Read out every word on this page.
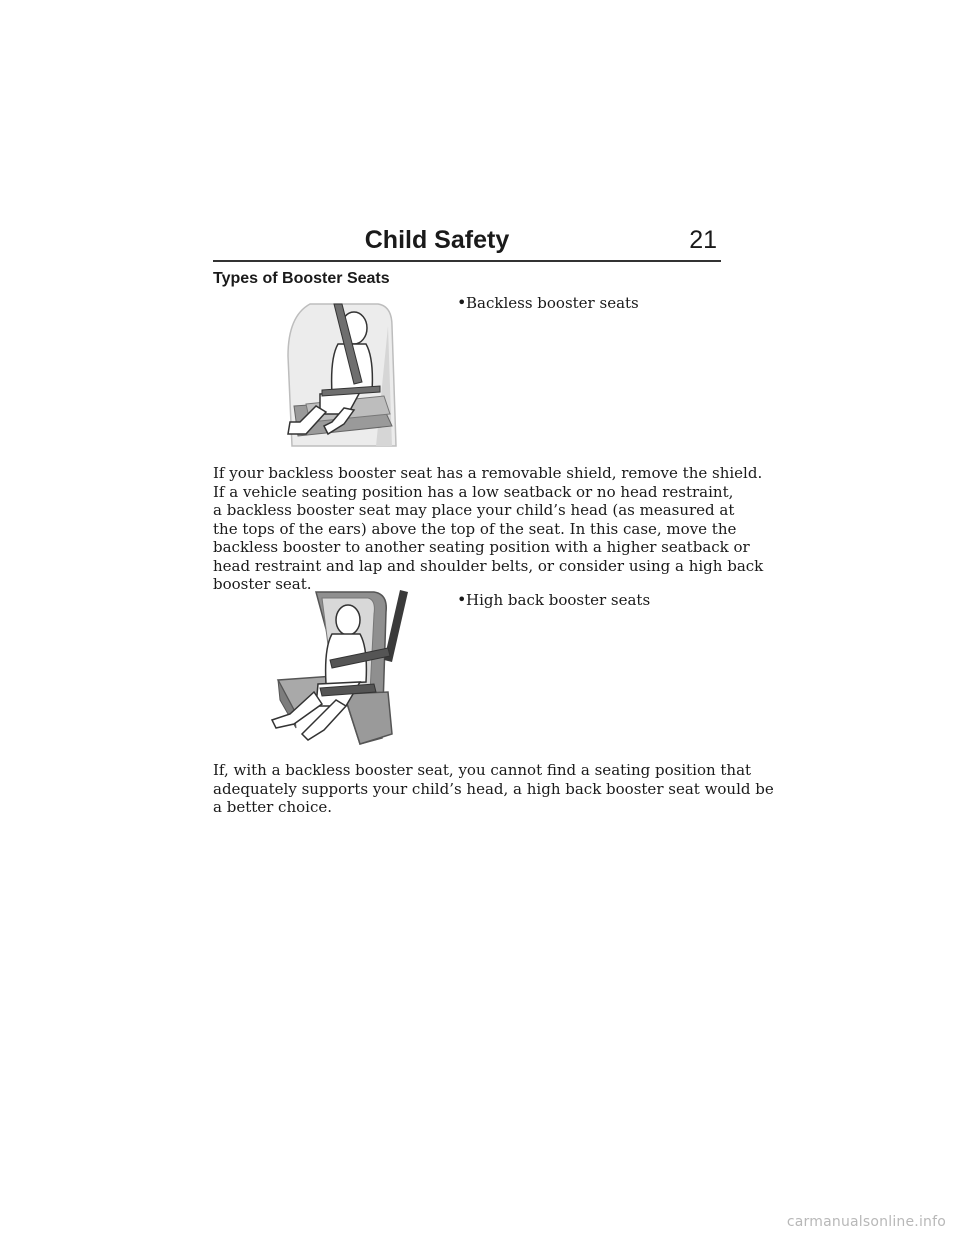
Child Safety	21
Types of Booster Seats
• Backless booster seats
If your backless booster seat has a removable shield, remove the shield.
If a vehicle seating position has a low seatback or no head restraint,
a backless booster seat may place your child’s head (as measured at
the tops of the ears) above the top of the seat. In this case, move the
backless booster to another seating position with a higher seatback or
head restraint and lap and shoulder belts, or consider using a high back
booster seat.
• High back booster seats
If, with a backless booster seat, you cannot find a seating position that
adequately supports your child’s head, a high back booster seat would be
a better choice.
carmanualsonline.info
